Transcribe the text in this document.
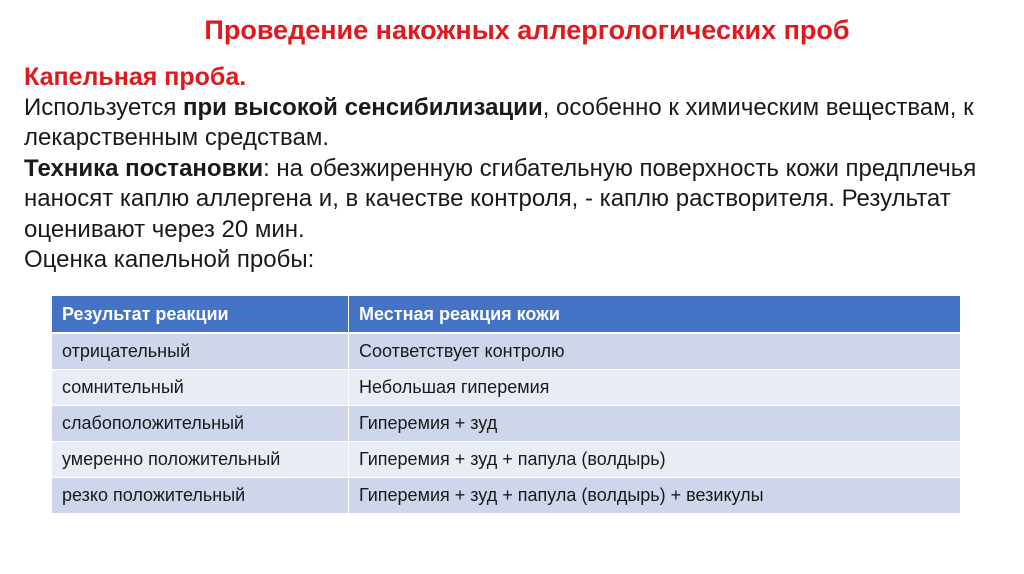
Проведение накожных аллергологических проб
Капельная проба.
Используется при высокой сенсибилизации, особенно к химическим веществам, к лекарственным средствам.
Техника постановки: на обезжиренную сгибательную поверхность кожи предплечья наносят каплю аллергена и, в качестве контроля, - каплю растворителя. Результат оценивают через 20 мин.
Оценка капельной пробы:
Результат реакции	Местная реакция кожи
отрицательный	Соответствует контролю
сомнительный	Небольшая гиперемия
слабоположительный	Гиперемия + зуд
умеренно положительный	Гиперемия + зуд + папула (волдырь)
резко положительный	Гиперемия + зуд + папула (волдырь) + везикулы
